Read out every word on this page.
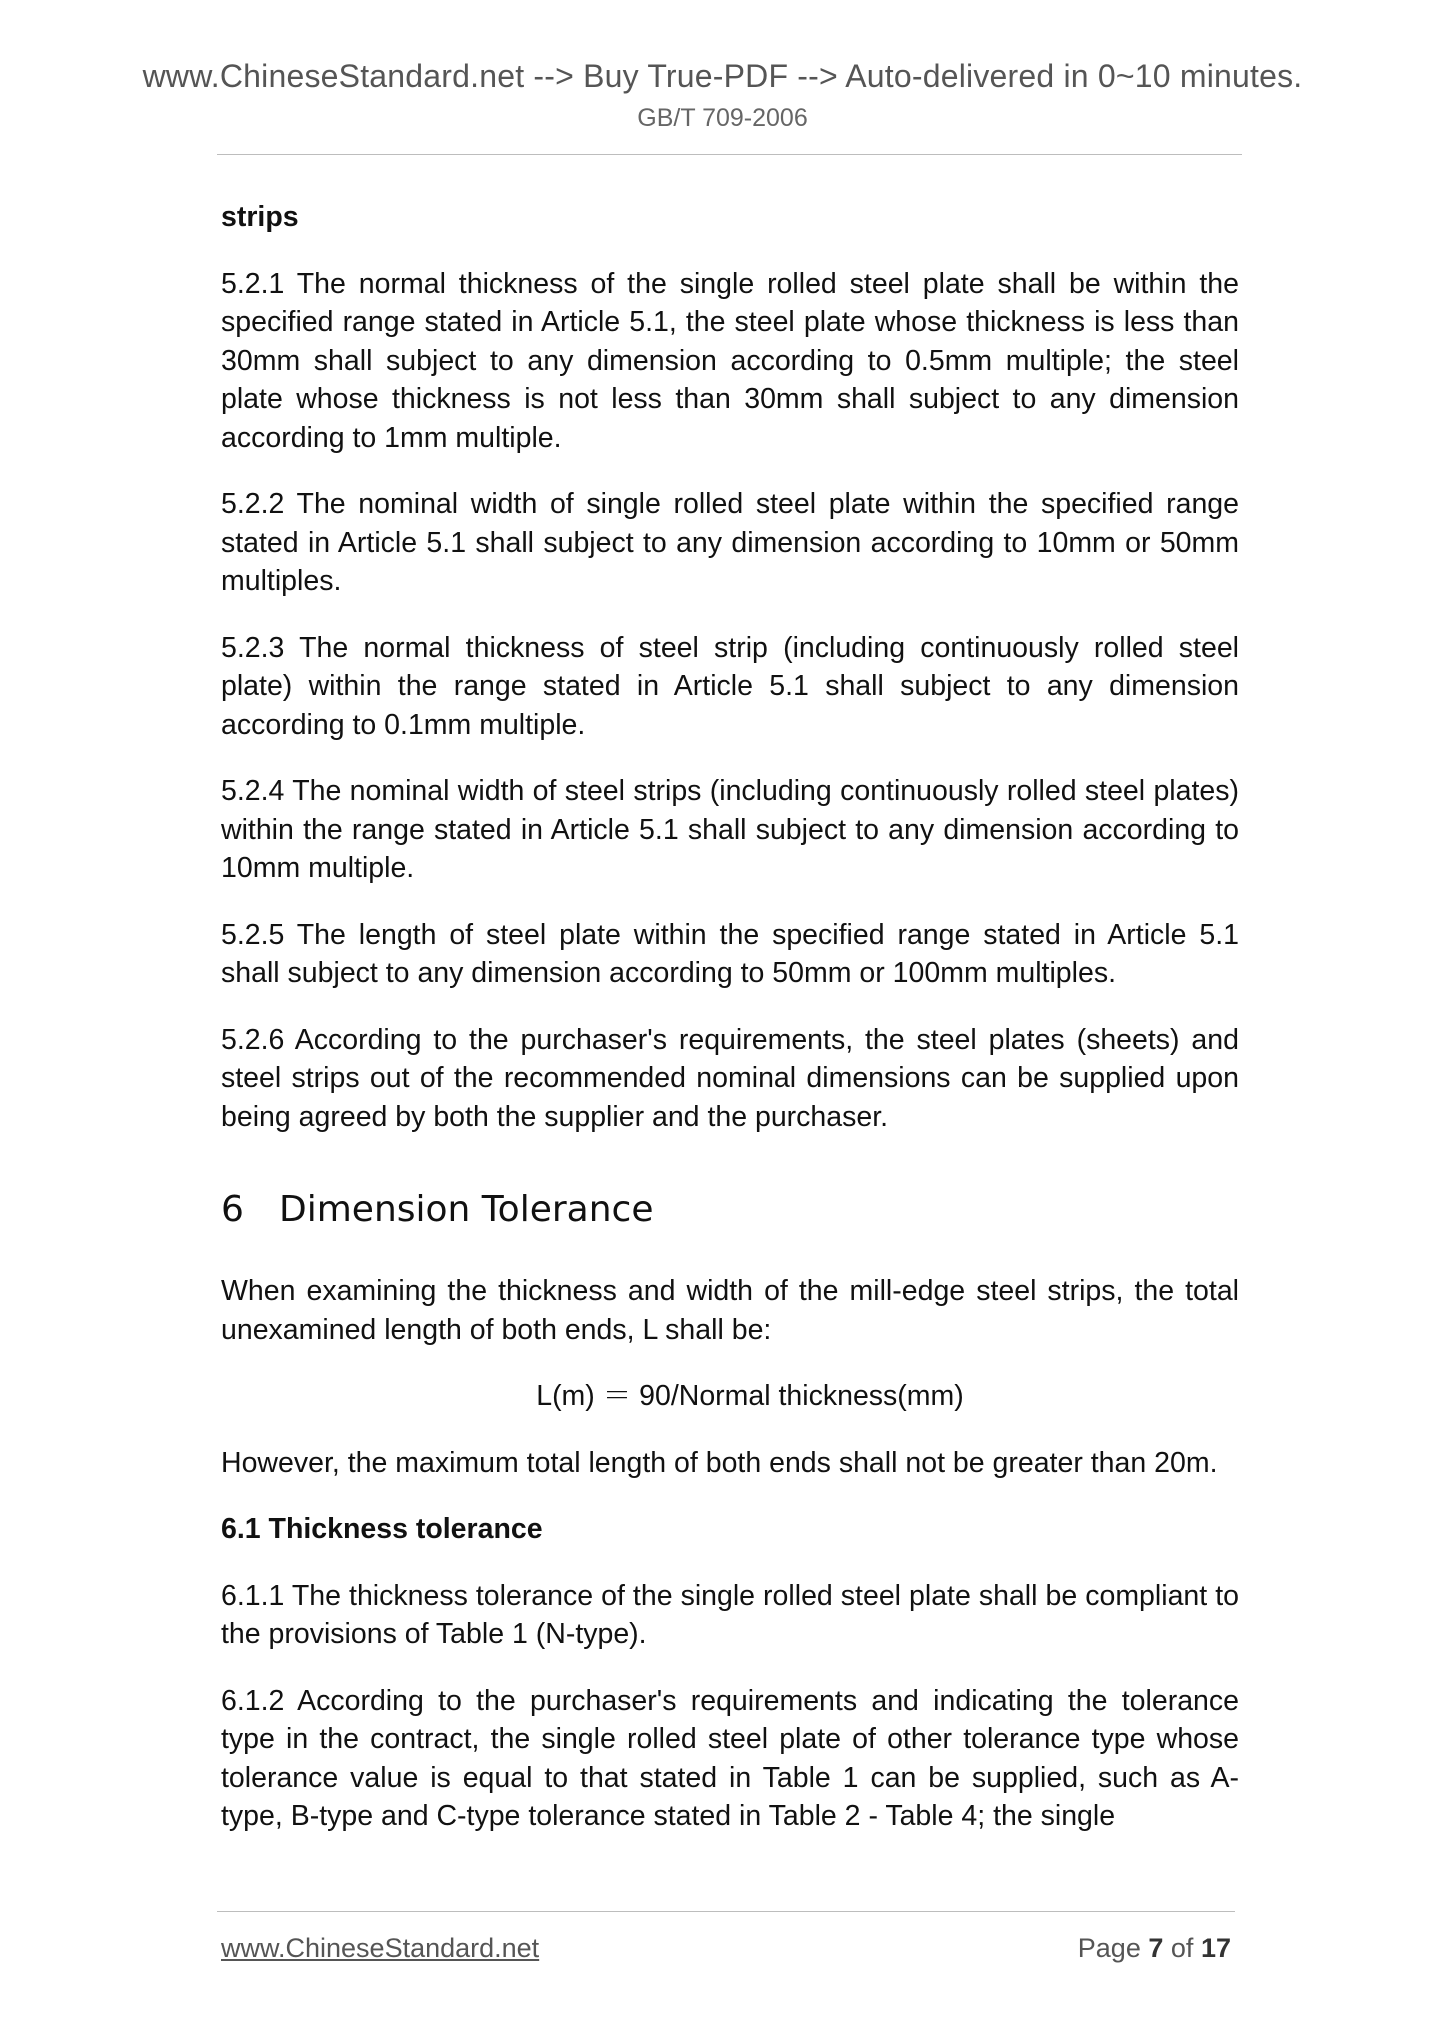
www.ChineseStandard.net --> Buy True-PDF --> Auto-delivered in 0~10 minutes.
GB/T 709-2006

strips

5.2.1 The normal thickness of the single rolled steel plate shall be within the specified range stated in Article 5.1, the steel plate whose thickness is less than 30mm shall subject to any dimension according to 0.5mm multiple; the steel plate whose thickness is not less than 30mm shall subject to any dimension according to 1mm multiple.

5.2.2 The nominal width of single rolled steel plate within the specified range stated in Article 5.1 shall subject to any dimension according to 10mm or 50mm multiples.

5.2.3 The normal thickness of steel strip (including continuously rolled steel plate) within the range stated in Article 5.1 shall subject to any dimension according to 0.1mm multiple.

5.2.4 The nominal width of steel strips (including continuously rolled steel plates) within the range stated in Article 5.1 shall subject to any dimension according to 10mm multiple.

5.2.5 The length of steel plate within the specified range stated in Article 5.1 shall subject to any dimension according to 50mm or 100mm multiples.

5.2.6 According to the purchaser's requirements, the steel plates (sheets) and steel strips out of the recommended nominal dimensions can be supplied upon being agreed by both the supplier and the purchaser.

6 Dimension Tolerance

When examining the thickness and width of the mill-edge steel strips, the total unexamined length of both ends, L shall be:

L(m) ＝ 90/Normal thickness(mm)

However, the maximum total length of both ends shall not be greater than 20m.

6.1 Thickness tolerance

6.1.1 The thickness tolerance of the single rolled steel plate shall be compliant to the provisions of Table 1 (N-type).

6.1.2 According to the purchaser's requirements and indicating the tolerance type in the contract, the single rolled steel plate of other tolerance type whose tolerance value is equal to that stated in Table 1 can be supplied, such as A-type, B-type and C-type tolerance stated in Table 2 - Table 4; the single

www.ChineseStandard.net	Page 7 of 17
